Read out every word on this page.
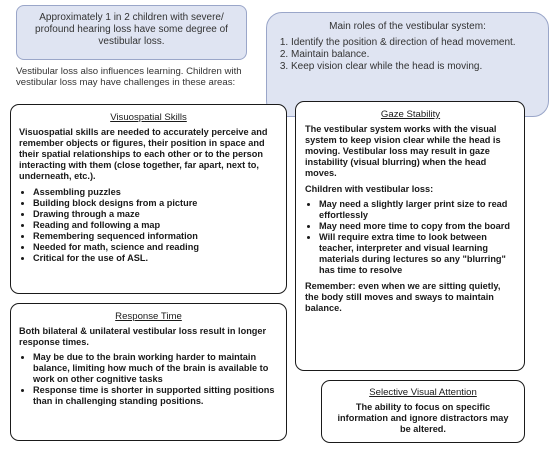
Approximately 1 in 2 children with severe/ profound hearing loss have some degree of vestibular loss.

Main roles of the vestibular system:

1. Identify the position & direction of head movement.
2. Maintain balance.
3. Keep vision clear while the head is moving.

Vestibular loss also influences learning. Children with vestibular loss may have challenges in these areas:

Visuospatial Skills

Visuospatial skills are needed to accurately perceive and remember objects or figures, their position in space and their spatial relationships to each other or to the person interacting with them (close together, far apart, next to, underneath, etc.).

• Assembling puzzles
• Building block designs from a picture
• Drawing through a maze
• Reading and following a map
• Remembering sequenced information
• Needed for math, science and reading
• Critical for the use of ASL.

Response Time

Both bilateral & unilateral vestibular loss result in longer response times.

• May be due to the brain working harder to maintain balance, limiting how much of the brain is available to work on other cognitive tasks
• Response time is shorter in supported sitting positions than in challenging standing positions.

Gaze Stability

The vestibular system works with the visual system to keep vision clear while the head is moving. Vestibular loss may result in gaze instability (visual blurring) when the head moves.

Children with vestibular loss:

• May need a slightly larger print size to read effortlessly
• May need more time to copy from the board
• Will require extra time to look between teacher, interpreter and visual learning materials during lectures so any "blurring" has time to resolve

Remember: even when we are sitting quietly, the body still moves and sways to maintain balance.

Selective Visual Attention

The ability to focus on specific information and ignore distractors may be altered.
